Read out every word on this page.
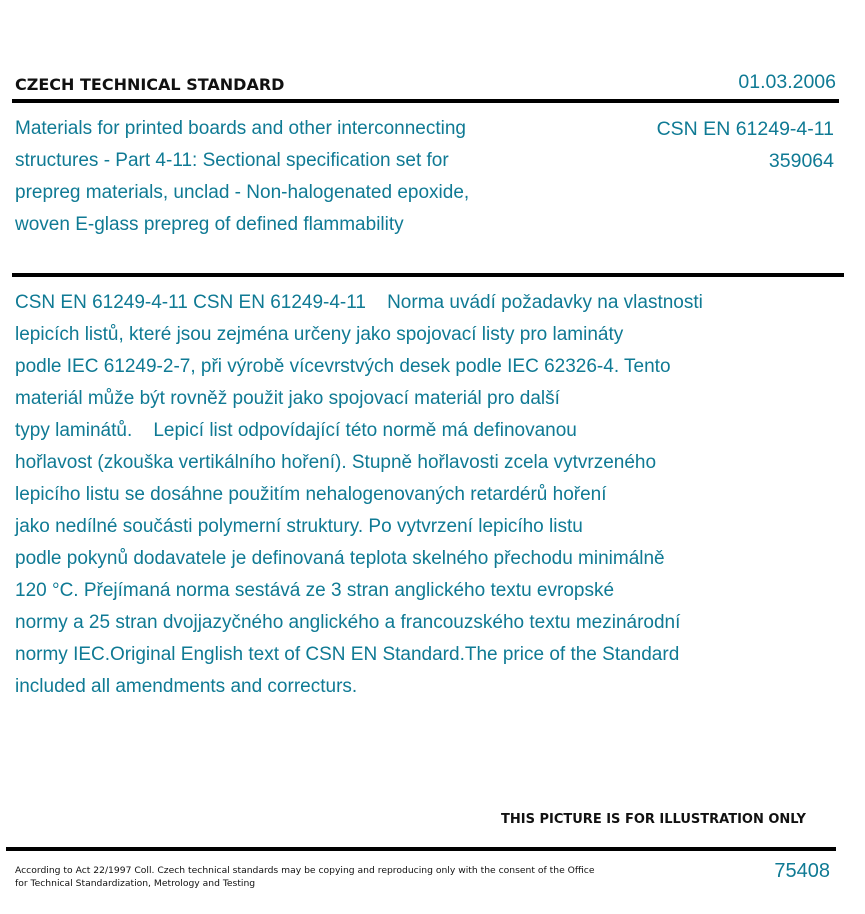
CZECH TECHNICAL STANDARD	01.03.2006
Materials for printed boards and other interconnecting
structures - Part 4-11: Sectional specification set for
prepreg materials, unclad - Non-halogenated epoxide,
woven E-glass prepreg of defined flammability
CSN EN 61249-4-11
359064
CSN EN 61249-4-11 CSN EN 61249-4-11    Norma uvádí požadavky na vlastnosti
lepicích listů, které jsou zejména určeny jako spojovací listy pro lamináty
podle IEC 61249-2-7, při výrobě vícevrstvých desek podle IEC 62326-4. Tento
materiál může být rovněž použit jako spojovací materiál pro další
typy laminátů.    Lepicí list odpovídající této normě má definovanou
hořlavost (zkouška vertikálního hoření). Stupně hořlavosti zcela vytvrzeného
lepicího listu se dosáhne použitím nehalogenovaných retardérů hoření
jako nedílné součásti polymerní struktury. Po vytvrzení lepicího listu
podle pokynů dodavatele je definovaná teplota skelného přechodu minimálně
120 °C. Přejímaná norma sestává ze 3 stran anglického textu evropské
normy a 25 stran dvojjazyčného anglického a francouzského textu mezinárodní
normy IEC.Original English text of CSN EN Standard.The price of the Standard
included all amendments and correcturs.
THIS PICTURE IS FOR ILLUSTRATION ONLY
According to Act 22/1997 Coll. Czech technical standards may be copying and reproducing only with the consent of the Office
for Technical Standardization, Metrology and Testing
75408
